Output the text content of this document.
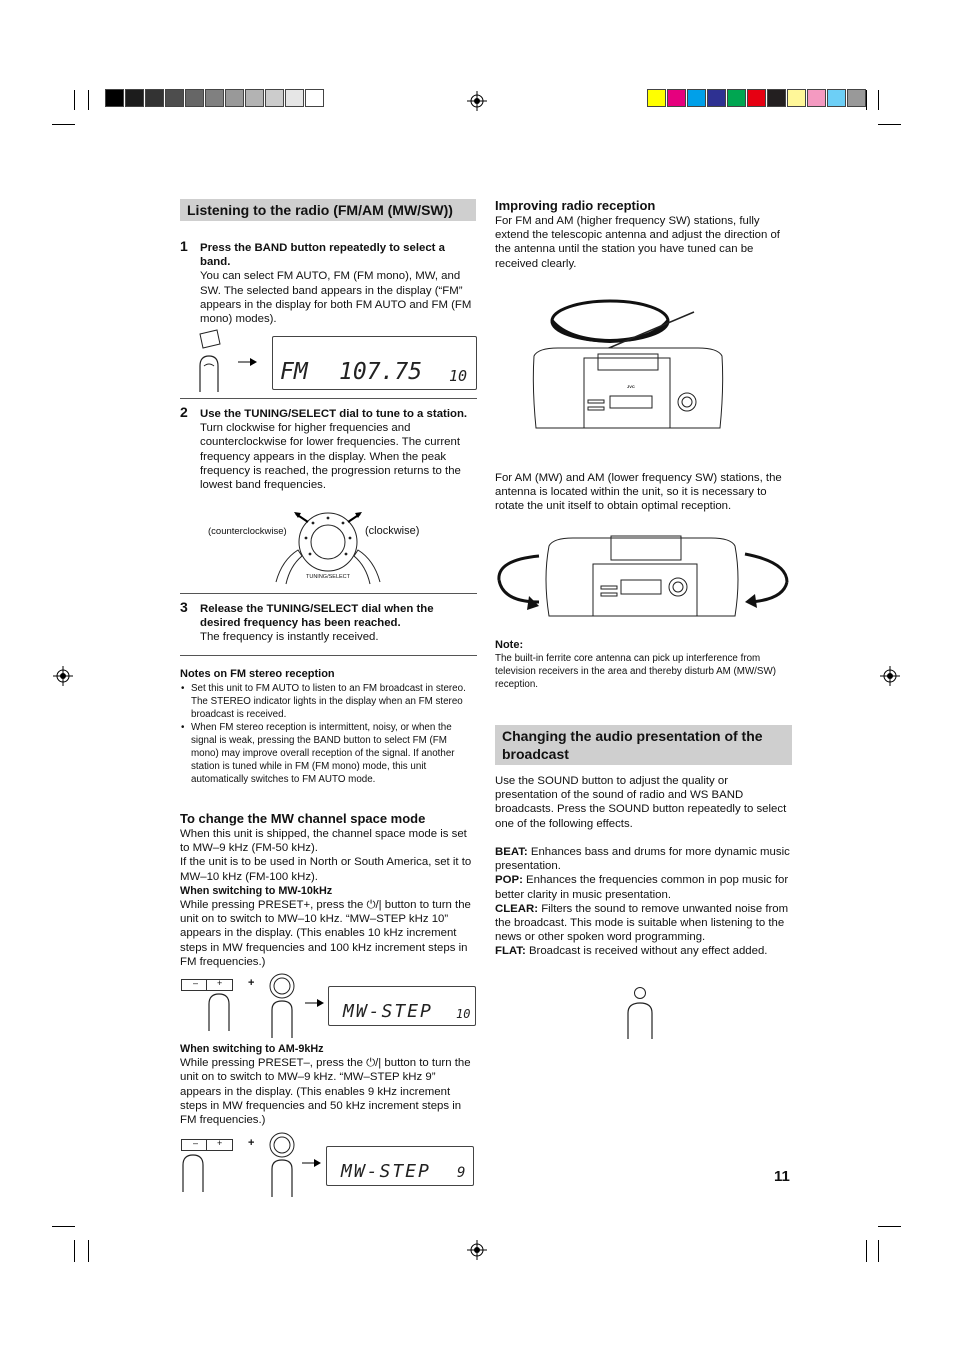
Listening to the radio (FM/AM (MW/SW))
1 Press the BAND button repeatedly to select a band.
You can select FM AUTO, FM (FM mono), MW, and SW. The selected band appears in the display (“FM” appears in the display for both FM AUTO and FM (FM mono) modes).
FM 107.75 10
2 Use the TUNING/SELECT dial to tune to a station.
Turn clockwise for higher frequencies and counterclockwise for lower frequencies. The current frequency appears in the display. When the peak frequency is reached, the progression returns to the lowest band frequencies.
(counterclockwise)	(clockwise)
TUNING/SELECT
3 Release the TUNING/SELECT dial when the desired frequency has been reached.
The frequency is instantly received.
Notes on FM stereo reception
• Set this unit to FM AUTO to listen to an FM broadcast in stereo. The STEREO indicator lights in the display when an FM stereo broadcast is received.
• When FM stereo reception is intermittent, noisy, or when the signal is weak, pressing the BAND button to select FM (FM mono) may improve overall reception of the signal. If another station is tuned while in FM (FM mono) mode, this unit automatically switches to FM AUTO mode.
To change the MW channel space mode
When this unit is shipped, the channel space mode is set to MW–9 kHz (FM-50 kHz).
If the unit is to be used in North or South America, set it to MW–10 kHz (FM-100 kHz).
When switching to MW-10kHz
While pressing PRESET+, press the ⏻/| button to turn the unit on to switch to MW–10 kHz. “MW–STEP kHz 10” appears in the display. (This enables 10 kHz increment steps in MW frequencies and 100 kHz increment steps in FM frequencies.)
– + +
MW-STEP 10
When switching to AM-9kHz
While pressing PRESET–, press the ⏻/| button to turn the unit on to switch to MW–9 kHz. “MW–STEP kHz 9” appears in the display. (This enables 9 kHz increment steps in MW frequencies and 50 kHz increment steps in FM frequencies.)
– + +
MW-STEP 9
Improving radio reception
For FM and AM (higher frequency SW) stations, fully extend the telescopic antenna and adjust the direction of the antenna until the station you have tuned can be received clearly.
JVC
For AM (MW) and AM (lower frequency SW) stations, the antenna is located within the unit, so it is necessary to rotate the unit itself to obtain optimal reception.
Note:
The built-in ferrite core antenna can pick up interference from television receivers in the area and thereby disturb AM (MW/SW) reception.
Changing the audio presentation of the broadcast
Use the SOUND button to adjust the quality or presentation of the sound of radio and WS BAND broadcasts. Press the SOUND button repeatedly to select one of the following effects.
BEAT: Enhances bass and drums for more dynamic music presentation.
POP: Enhances the frequencies common in pop music for better clarity in music presentation.
CLEAR: Filters the sound to remove unwanted noise from the broadcast. This mode is suitable when listening to the news or other spoken word programming.
FLAT: Broadcast is received without any effect added.
11
